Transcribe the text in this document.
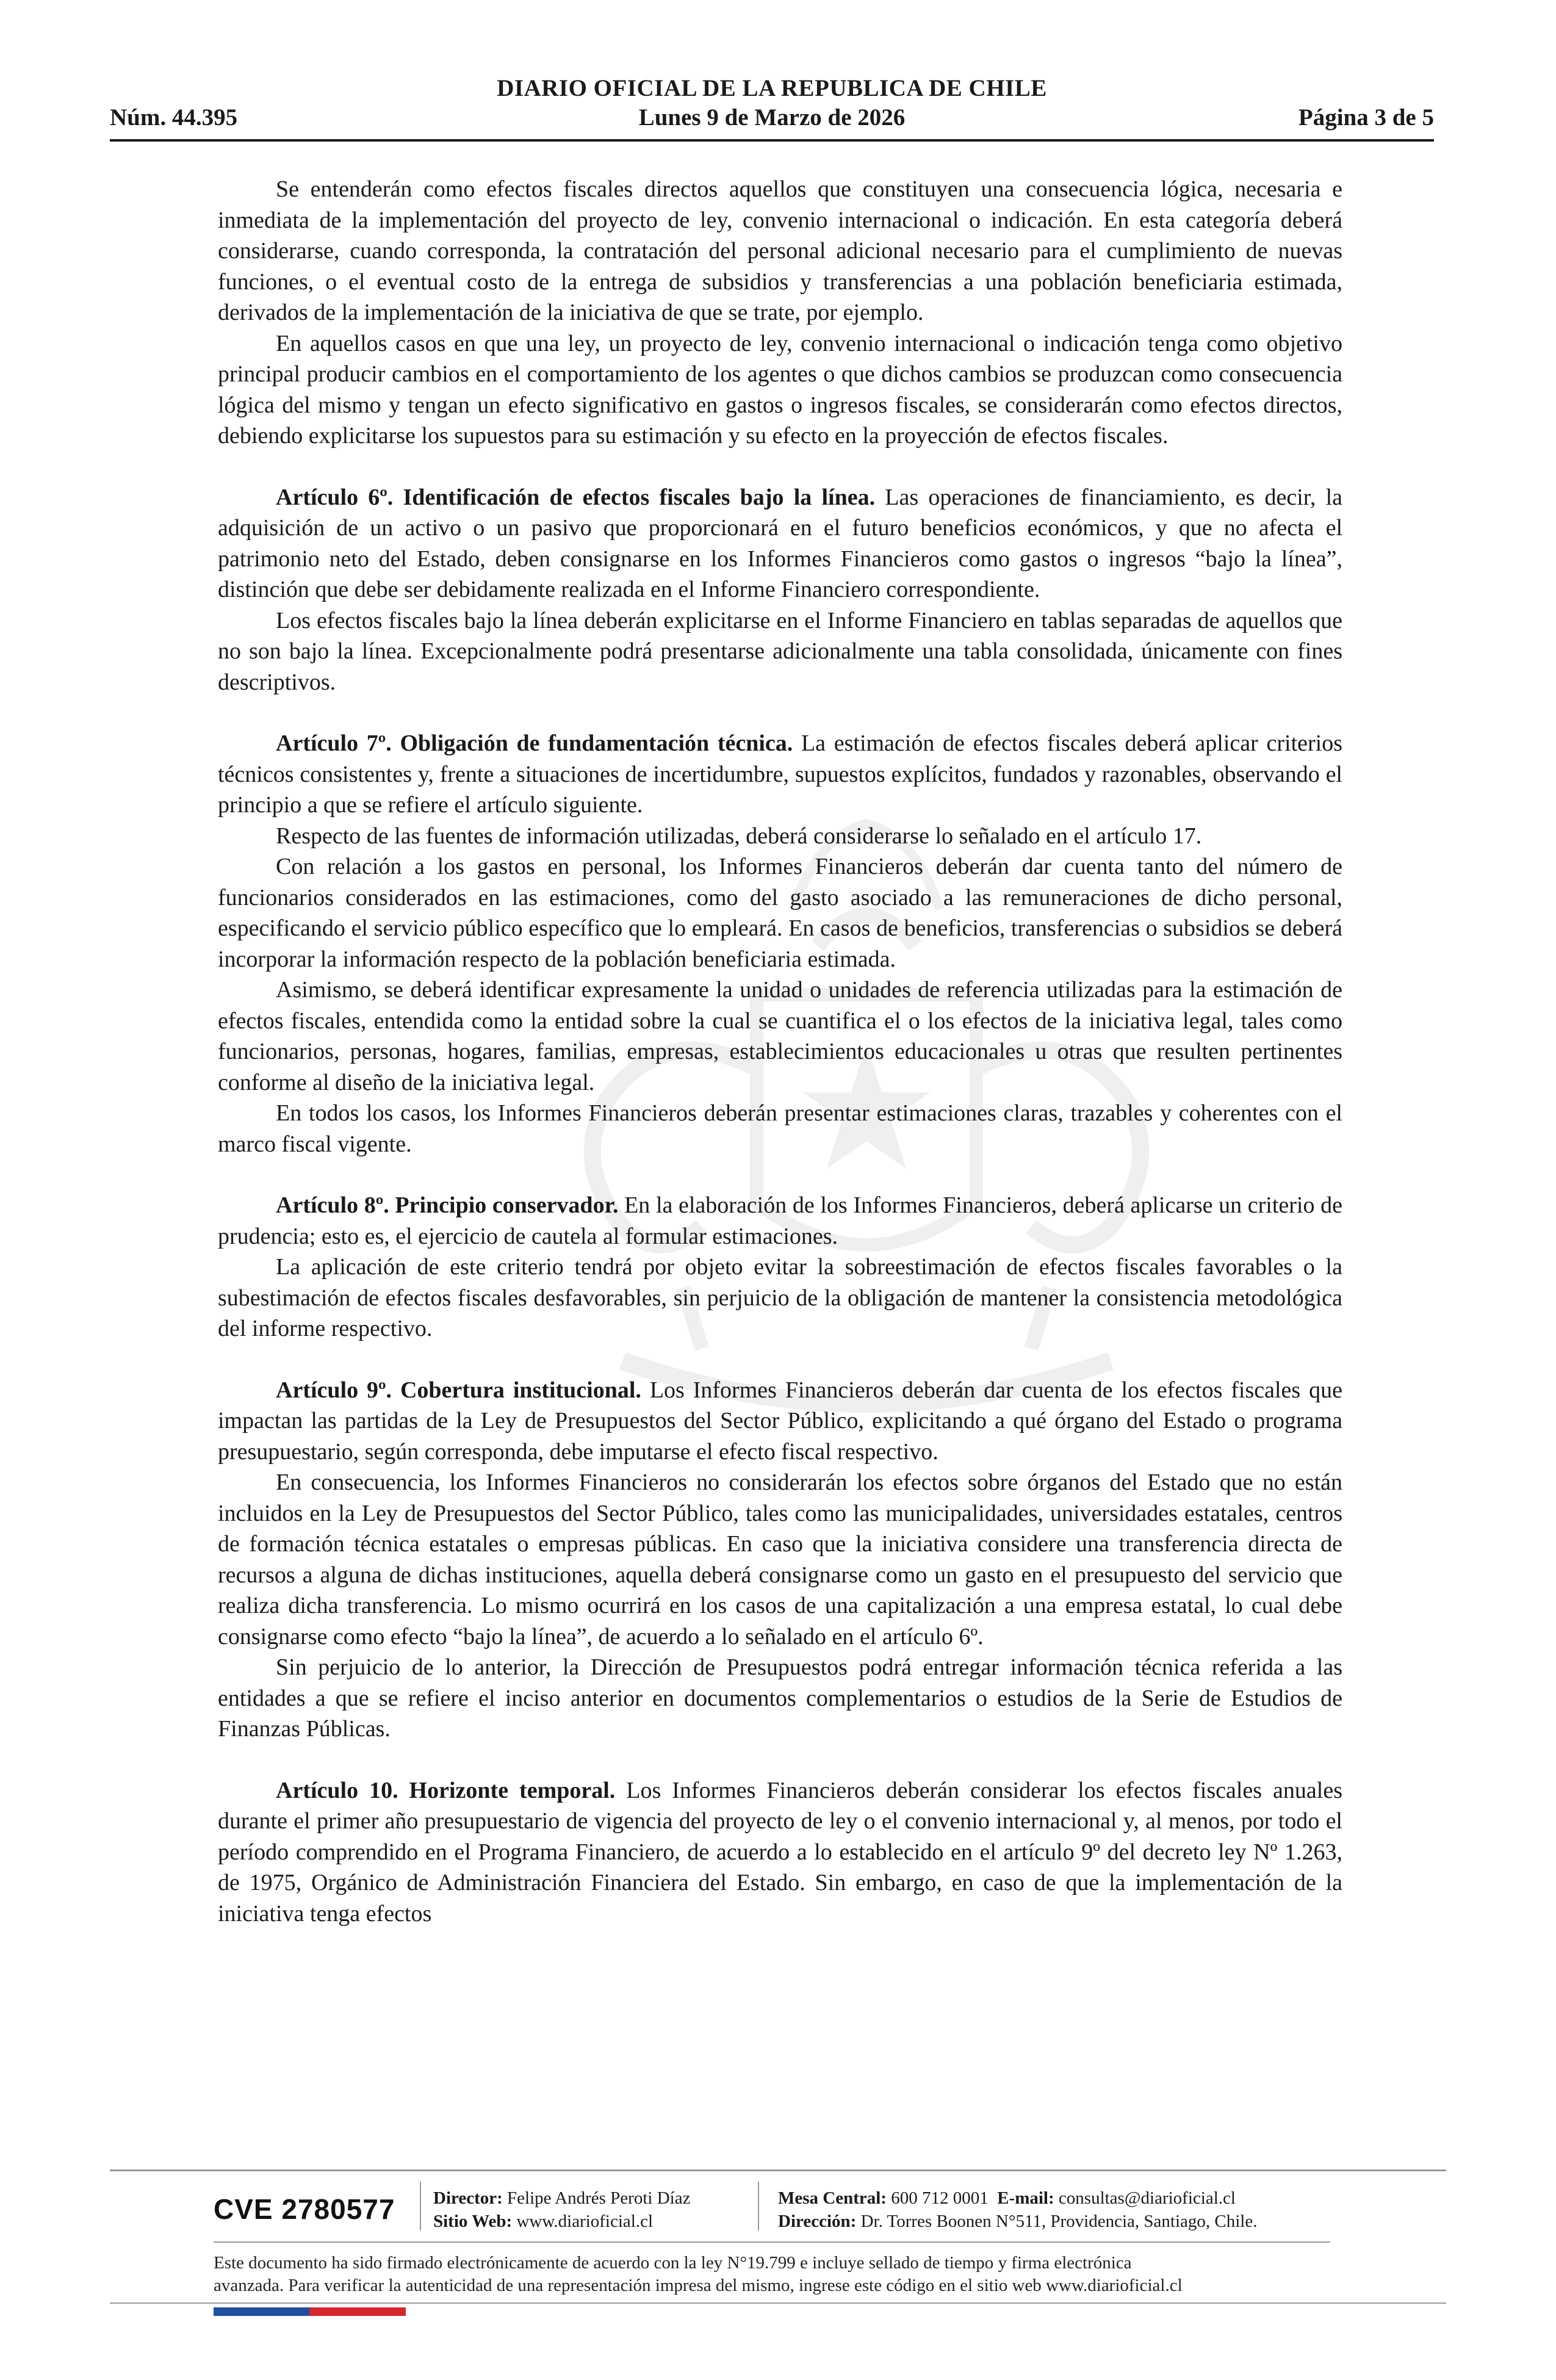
DIARIO OFICIAL DE LA REPUBLICA DE CHILE
Núm. 44.395	Lunes 9 de Marzo de 2026	Página 3 de 5

Se entenderán como efectos fiscales directos aquellos que constituyen una consecuencia lógica, necesaria e inmediata de la implementación del proyecto de ley, convenio internacional o indicación. En esta categoría deberá considerarse, cuando corresponda, la contratación del personal adicional necesario para el cumplimiento de nuevas funciones, o el eventual costo de la entrega de subsidios y transferencias a una población beneficiaria estimada, derivados de la implementación de la iniciativa de que se trate, por ejemplo.

En aquellos casos en que una ley, un proyecto de ley, convenio internacional o indicación tenga como objetivo principal producir cambios en el comportamiento de los agentes o que dichos cambios se produzcan como consecuencia lógica del mismo y tengan un efecto significativo en gastos o ingresos fiscales, se considerarán como efectos directos, debiendo explicitarse los supuestos para su estimación y su efecto en la proyección de efectos fiscales.

Artículo 6º. Identificación de efectos fiscales bajo la línea. Las operaciones de financiamiento, es decir, la adquisición de un activo o un pasivo que proporcionará en el futuro beneficios económicos, y que no afecta el patrimonio neto del Estado, deben consignarse en los Informes Financieros como gastos o ingresos “bajo la línea”, distinción que debe ser debidamente realizada en el Informe Financiero correspondiente.

Los efectos fiscales bajo la línea deberán explicitarse en el Informe Financiero en tablas separadas de aquellos que no son bajo la línea. Excepcionalmente podrá presentarse adicionalmente una tabla consolidada, únicamente con fines descriptivos.

Artículo 7º. Obligación de fundamentación técnica. La estimación de efectos fiscales deberá aplicar criterios técnicos consistentes y, frente a situaciones de incertidumbre, supuestos explícitos, fundados y razonables, observando el principio a que se refiere el artículo siguiente.

Respecto de las fuentes de información utilizadas, deberá considerarse lo señalado en el artículo 17.

Con relación a los gastos en personal, los Informes Financieros deberán dar cuenta tanto del número de funcionarios considerados en las estimaciones, como del gasto asociado a las remuneraciones de dicho personal, especificando el servicio público específico que lo empleará. En casos de beneficios, transferencias o subsidios se deberá incorporar la información respecto de la población beneficiaria estimada.

Asimismo, se deberá identificar expresamente la unidad o unidades de referencia utilizadas para la estimación de efectos fiscales, entendida como la entidad sobre la cual se cuantifica el o los efectos de la iniciativa legal, tales como funcionarios, personas, hogares, familias, empresas, establecimientos educacionales u otras que resulten pertinentes conforme al diseño de la iniciativa legal.

En todos los casos, los Informes Financieros deberán presentar estimaciones claras, trazables y coherentes con el marco fiscal vigente.

Artículo 8º. Principio conservador. En la elaboración de los Informes Financieros, deberá aplicarse un criterio de prudencia; esto es, el ejercicio de cautela al formular estimaciones.

La aplicación de este criterio tendrá por objeto evitar la sobreestimación de efectos fiscales favorables o la subestimación de efectos fiscales desfavorables, sin perjuicio de la obligación de mantener la consistencia metodológica del informe respectivo.

Artículo 9º. Cobertura institucional. Los Informes Financieros deberán dar cuenta de los efectos fiscales que impactan las partidas de la Ley de Presupuestos del Sector Público, explicitando a qué órgano del Estado o programa presupuestario, según corresponda, debe imputarse el efecto fiscal respectivo.

En consecuencia, los Informes Financieros no considerarán los efectos sobre órganos del Estado que no están incluidos en la Ley de Presupuestos del Sector Público, tales como las municipalidades, universidades estatales, centros de formación técnica estatales o empresas públicas. En caso que la iniciativa considere una transferencia directa de recursos a alguna de dichas instituciones, aquella deberá consignarse como un gasto en el presupuesto del servicio que realiza dicha transferencia. Lo mismo ocurrirá en los casos de una capitalización a una empresa estatal, lo cual debe consignarse como efecto “bajo la línea”, de acuerdo a lo señalado en el artículo 6º.

Sin perjuicio de lo anterior, la Dirección de Presupuestos podrá entregar información técnica referida a las entidades a que se refiere el inciso anterior en documentos complementarios o estudios de la Serie de Estudios de Finanzas Públicas.

Artículo 10. Horizonte temporal. Los Informes Financieros deberán considerar los efectos fiscales anuales durante el primer año presupuestario de vigencia del proyecto de ley o el convenio internacional y, al menos, por todo el período comprendido en el Programa Financiero, de acuerdo a lo establecido en el artículo 9º del decreto ley Nº 1.263, de 1975, Orgánico de Administración Financiera del Estado. Sin embargo, en caso de que la implementación de la iniciativa tenga efectos

CVE 2780577 Director: Felipe Andrés Peroti Díaz
Sitio Web: www.diarioficial.cl
Mesa Central: 600 712 0001 E-mail: consultas@diarioficial.cl
Dirección: Dr. Torres Boonen N°511, Providencia, Santiago, Chile.
Este documento ha sido firmado electrónicamente de acuerdo con la ley N°19.799 e incluye sellado de tiempo y firma electrónica
avanzada. Para verificar la autenticidad de una representación impresa del mismo, ingrese este código en el sitio web www.diarioficial.cl
